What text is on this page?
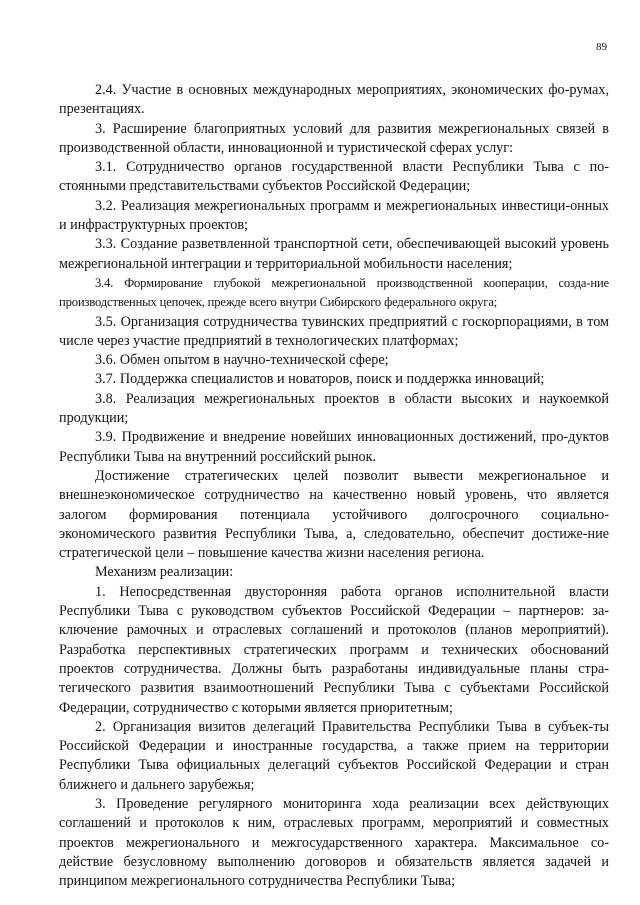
89

2.4. Участие в основных международных мероприятиях, экономических фо-румах, презентациях.

3. Расширение благоприятных условий для развития межрегиональных связей в производственной области, инновационной и туристической сферах услуг:

3.1. Сотрудничество органов государственной власти Республики Тыва с по-стоянными представительствами субъектов Российской Федерации;

3.2. Реализация межрегиональных программ и межрегиональных инвестици-онных и инфраструктурных проектов;

3.3. Создание разветвленной транспортной сети, обеспечивающей высокий уровень межрегиональной интеграции и территориальной мобильности населения;

3.4. Формирование глубокой межрегиональной производственной кооперации, созда-ние производственных цепочек, прежде всего внутри Сибирского федерального округа;

3.5. Организация сотрудничества тувинских предприятий с госкорпорациями, в том числе через участие предприятий в технологических платформах;

3.6. Обмен опытом в научно-технической сфере;

3.7. Поддержка специалистов и новаторов, поиск и поддержка инноваций;

3.8. Реализация межрегиональных проектов в области высоких и наукоемкой продукции;

3.9. Продвижение и внедрение новейших инновационных достижений, про-дуктов Республики Тыва на внутренний российский рынок.

Достижение стратегических целей позволит вывести межрегиональное и внешнеэкономическое сотрудничество на качественно новый уровень, что является залогом формирования потенциала устойчивого долгосрочного социально-экономического развития Республики Тыва, а, следовательно, обеспечит достиже-ние стратегической цели – повышение качества жизни населения региона.

Механизм реализации:

1. Непосредственная двусторонняя работа органов исполнительной власти Республики Тыва с руководством субъектов Российской Федерации – партнеров: за-ключение рамочных и отраслевых соглашений и протоколов (планов мероприятий). Разработка перспективных стратегических программ и технических обоснований проектов сотрудничества. Должны быть разработаны индивидуальные планы стра-тегического развития взаимоотношений Республики Тыва с субъектами Российской Федерации, сотрудничество с которыми является приоритетным;

2. Организация визитов делегаций Правительства Республики Тыва в субъек-ты Российской Федерации и иностранные государства, а также прием на территории Республики Тыва официальных делегаций субъектов Российской Федерации и стран ближнего и дальнего зарубежья;

3. Проведение регулярного мониторинга хода реализации всех действующих соглашений и протоколов к ним, отраслевых программ, мероприятий и совместных проектов межрегионального и межгосударственного характера. Максимальное со-действие безусловному выполнению договоров и обязательств является задачей и принципом межрегионального сотрудничества Республики Тыва;
